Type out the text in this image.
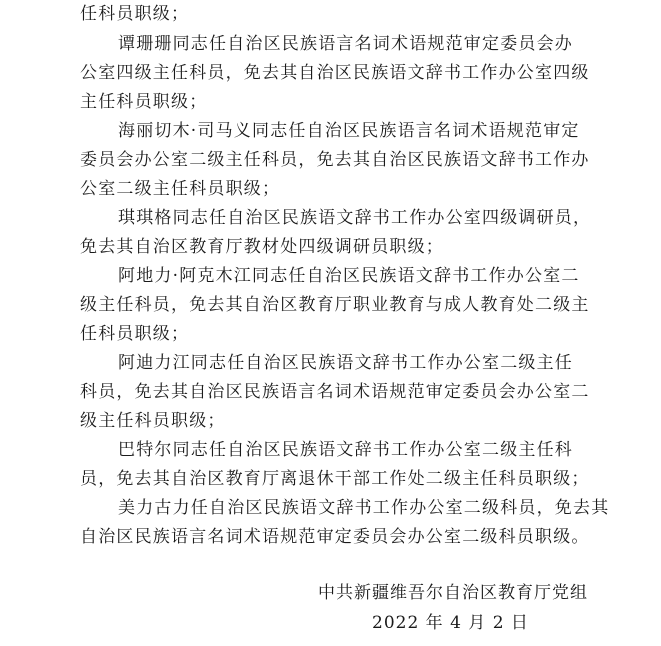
任科员职级；
谭珊珊同志任自治区民族语言名词术语规范审定委员会办
公室四级主任科员，免去其自治区民族语文辞书工作办公室四级
主任科员职级；
海丽切木·司马义同志任自治区民族语言名词术语规范审定
委员会办公室二级主任科员，免去其自治区民族语文辞书工作办
公室二级主任科员职级；
琪琪格同志任自治区民族语文辞书工作办公室四级调研员，
免去其自治区教育厅教材处四级调研员职级；
阿地力·阿克木江同志任自治区民族语文辞书工作办公室二
级主任科员，免去其自治区教育厅职业教育与成人教育处二级主
任科员职级；
阿迪力江同志任自治区民族语文辞书工作办公室二级主任
科员，免去其自治区民族语言名词术语规范审定委员会办公室二
级主任科员职级；
巴特尔同志任自治区民族语文辞书工作办公室二级主任科
员，免去其自治区教育厅离退休干部工作处二级主任科员职级；
美力古力任自治区民族语文辞书工作办公室二级科员，免去其
自治区民族语言名词术语规范审定委员会办公室二级科员职级。
中共新疆维吾尔自治区教育厅党组
2022 年 4 月 2 日
